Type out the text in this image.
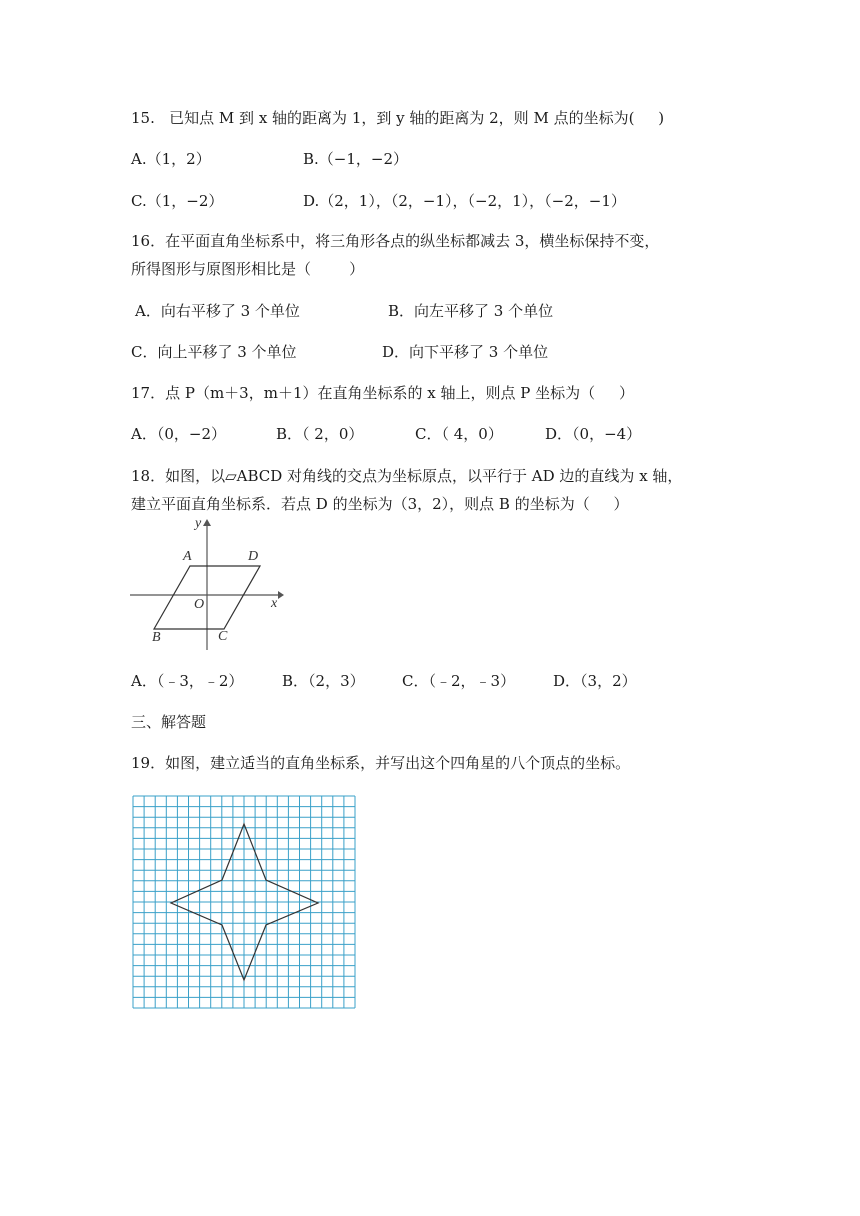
15.   已知点 M 到 x 轴的距离为 1，到 y 轴的距离为 2，则 M 点的坐标为(     )
A.（1，2）	B.（−1，−2）
C.（1，−2）	D.（2，1），（2，−1），（−2，1），（−2，−1）
16．在平面直角坐标系中，将三角形各点的纵坐标都减去 3，横坐标保持不变，
所得图形与原图形相比是（        ）
A．向右平移了 3 个单位	B．向左平移了 3 个单位
C．向上平移了 3 个单位	D．向下平移了 3 个单位
17．点 P（m＋3，m＋1）在直角坐标系的 x 轴上，则点 P 坐标为（     ）
A．（0，−2）	B．（ 2，0）	C．（ 4，0）	D．（0，−4）
18．如图，以▱ABCD 对角线的交点为坐标原点，以平行于 AD 边的直线为 x 轴，
建立平面直角坐标系．若点 D 的坐标为（3，2），则点 B 的坐标为（     ）
y
x
O
A	D
B	C
A．（﹣3，﹣2）	B．（2，3） C．（﹣2，﹣3）	D．（3，2）
三、解答题
19．如图，建立适当的直角坐标系，并写出这个四角星的八个顶点的坐标。
